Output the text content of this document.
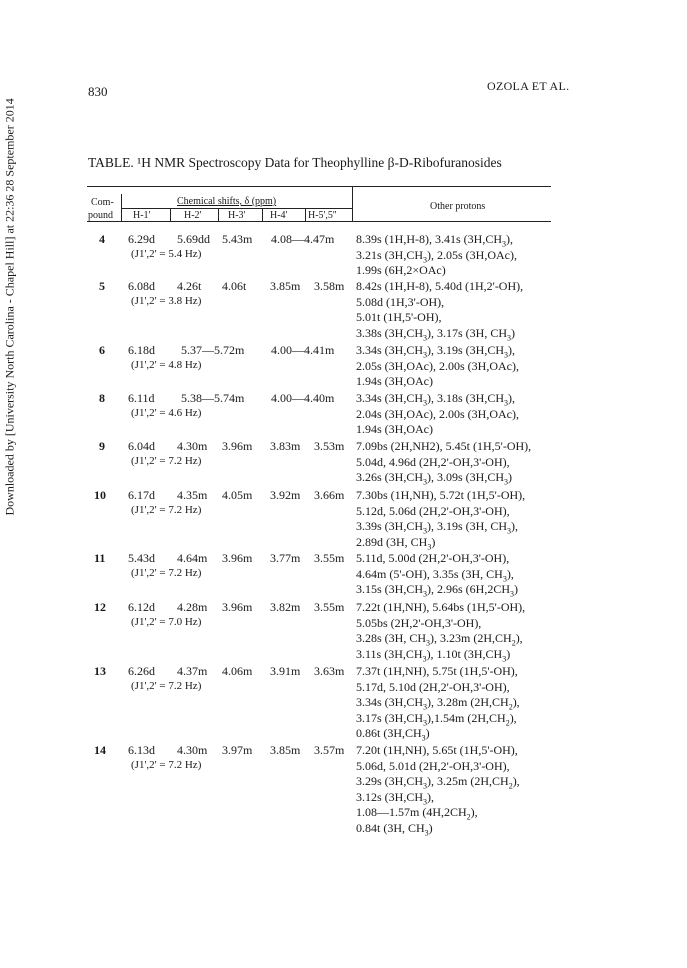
830	OZOLA ET AL.
Downloaded by [University North Carolina - Chapel Hill] at 22:36 28 September 2014	TABLE. ¹H NMR Spectroscopy Data for Theophylline β-D-Ribofuranosides
Com-
pound
Chemical shifts, δ (ppm)
H-1'	H-2'	H-3' H-4' H-5',5''
Other protons
4 6.29d 5.69dd 5.43m 4.08—4.47m
(J1',2' = 5.4 Hz)
8.39s (1H,H-8), 3.41s $(3H,CH_3)$,
3.21s $(3H,CH_3)$, 2.05s (3H,OAc),
1.99s (6H,2×OAc)
5 6.08d 4.26t 4.06t 3.85m 3.58m
(J1',2' = 3.8 Hz)
8.42s (1H,H-8), 5.40d (1H,2'-OH),
5.08d (1H,3'-OH),
5.01t (1H,5'-OH),
3.38s $(3H,CH_3)$, 3.17s (3H, $CH_3$)
6 6.18d 5.37—5.72m 4.00—4.41m
(J1',2' = 4.8 Hz)
3.34s $(3H,CH_3)$, 3.19s $(3H,CH_3)$,
2.05s (3H,OAc), 2.00s (3H,OAc),
1.94s (3H,OAc)
8 6.11d 5.38—5.74m 4.00—4.40m
(J1',2' = 4.6 Hz)
3.34s $(3H,CH_3)$, 3.18s $(3H,CH_3)$,
2.04s (3H,OAc), 2.00s (3H,OAc),
1.94s (3H,OAc)
9 6.04d 4.30m 3.96m 3.83m 3.53m
(J1',2' = 7.2 Hz)
7.09bs (2H,NH2), 5.45t (1H,5'-OH),
5.04d, 4.96d (2H,2'-OH,3'-OH),
3.26s $(3H,CH_3)$, 3.09s $(3H,CH_3)$
10 6.17d 4.35m 4.05m 3.92m 3.66m
(J1',2' = 7.2 Hz)
7.30bs (1H,NH), 5.72t (1H,5'-OH),
5.12d, 5.06d (2H,2'-OH,3'-OH),
3.39s $(3H,CH_3)$, 3.19s (3H, $CH_3$),
2.89d (3H, $CH_3$)
11 5.43d 4.64m 3.96m 3.77m 3.55m
(J1',2' = 7.2 Hz)
5.11d, 5.00d (2H,2'-OH,3'-OH),
4.64m (5'-OH), 3.35s (3H, $CH_3$),
3.15s $(3H,CH_3)$, 2.96s $(6H,2CH_3)$
12 6.12d 4.28m 3.96m 3.82m 3.55m
(J1',2' = 7.0 Hz)
7.22t (1H,NH), 5.64bs (1H,5'-OH),
5.05bs (2H,2'-OH,3'-OH),
3.28s (3H, $CH_3$), 3.23m $(2H,CH_2)$,
3.11s $(3H,CH_3)$, 1.10t $(3H,CH_3)$
13 6.26d 4.37m 4.06m 3.91m 3.63m
(J1',2' = 7.2 Hz)
7.37t (1H,NH), 5.75t (1H,5'-OH),
5.17d, 5.10d (2H,2'-OH,3'-OH),
3.34s $(3H,CH_3)$, 3.28m $(2H,CH_2)$,
3.17s $(3H,CH_3),1.54m$ $(2H,CH_2)$,
0.86t $(3H,CH_3)$
14 6.13d 4.30m 3.97m 3.85m 3.57m
(J1',2' = 7.2 Hz)
7.20t (1H,NH), 5.65t (1H,5'-OH),
5.06d, 5.01d (2H,2'-OH,3'-OH),
3.29s $(3H,CH_3)$, 3.25m $(2H,CH_2)$,
3.12s $(3H,CH_3)$,
1.08—1.57m $(4H,2CH_2)$,
0.84t (3H, $CH_3$)
